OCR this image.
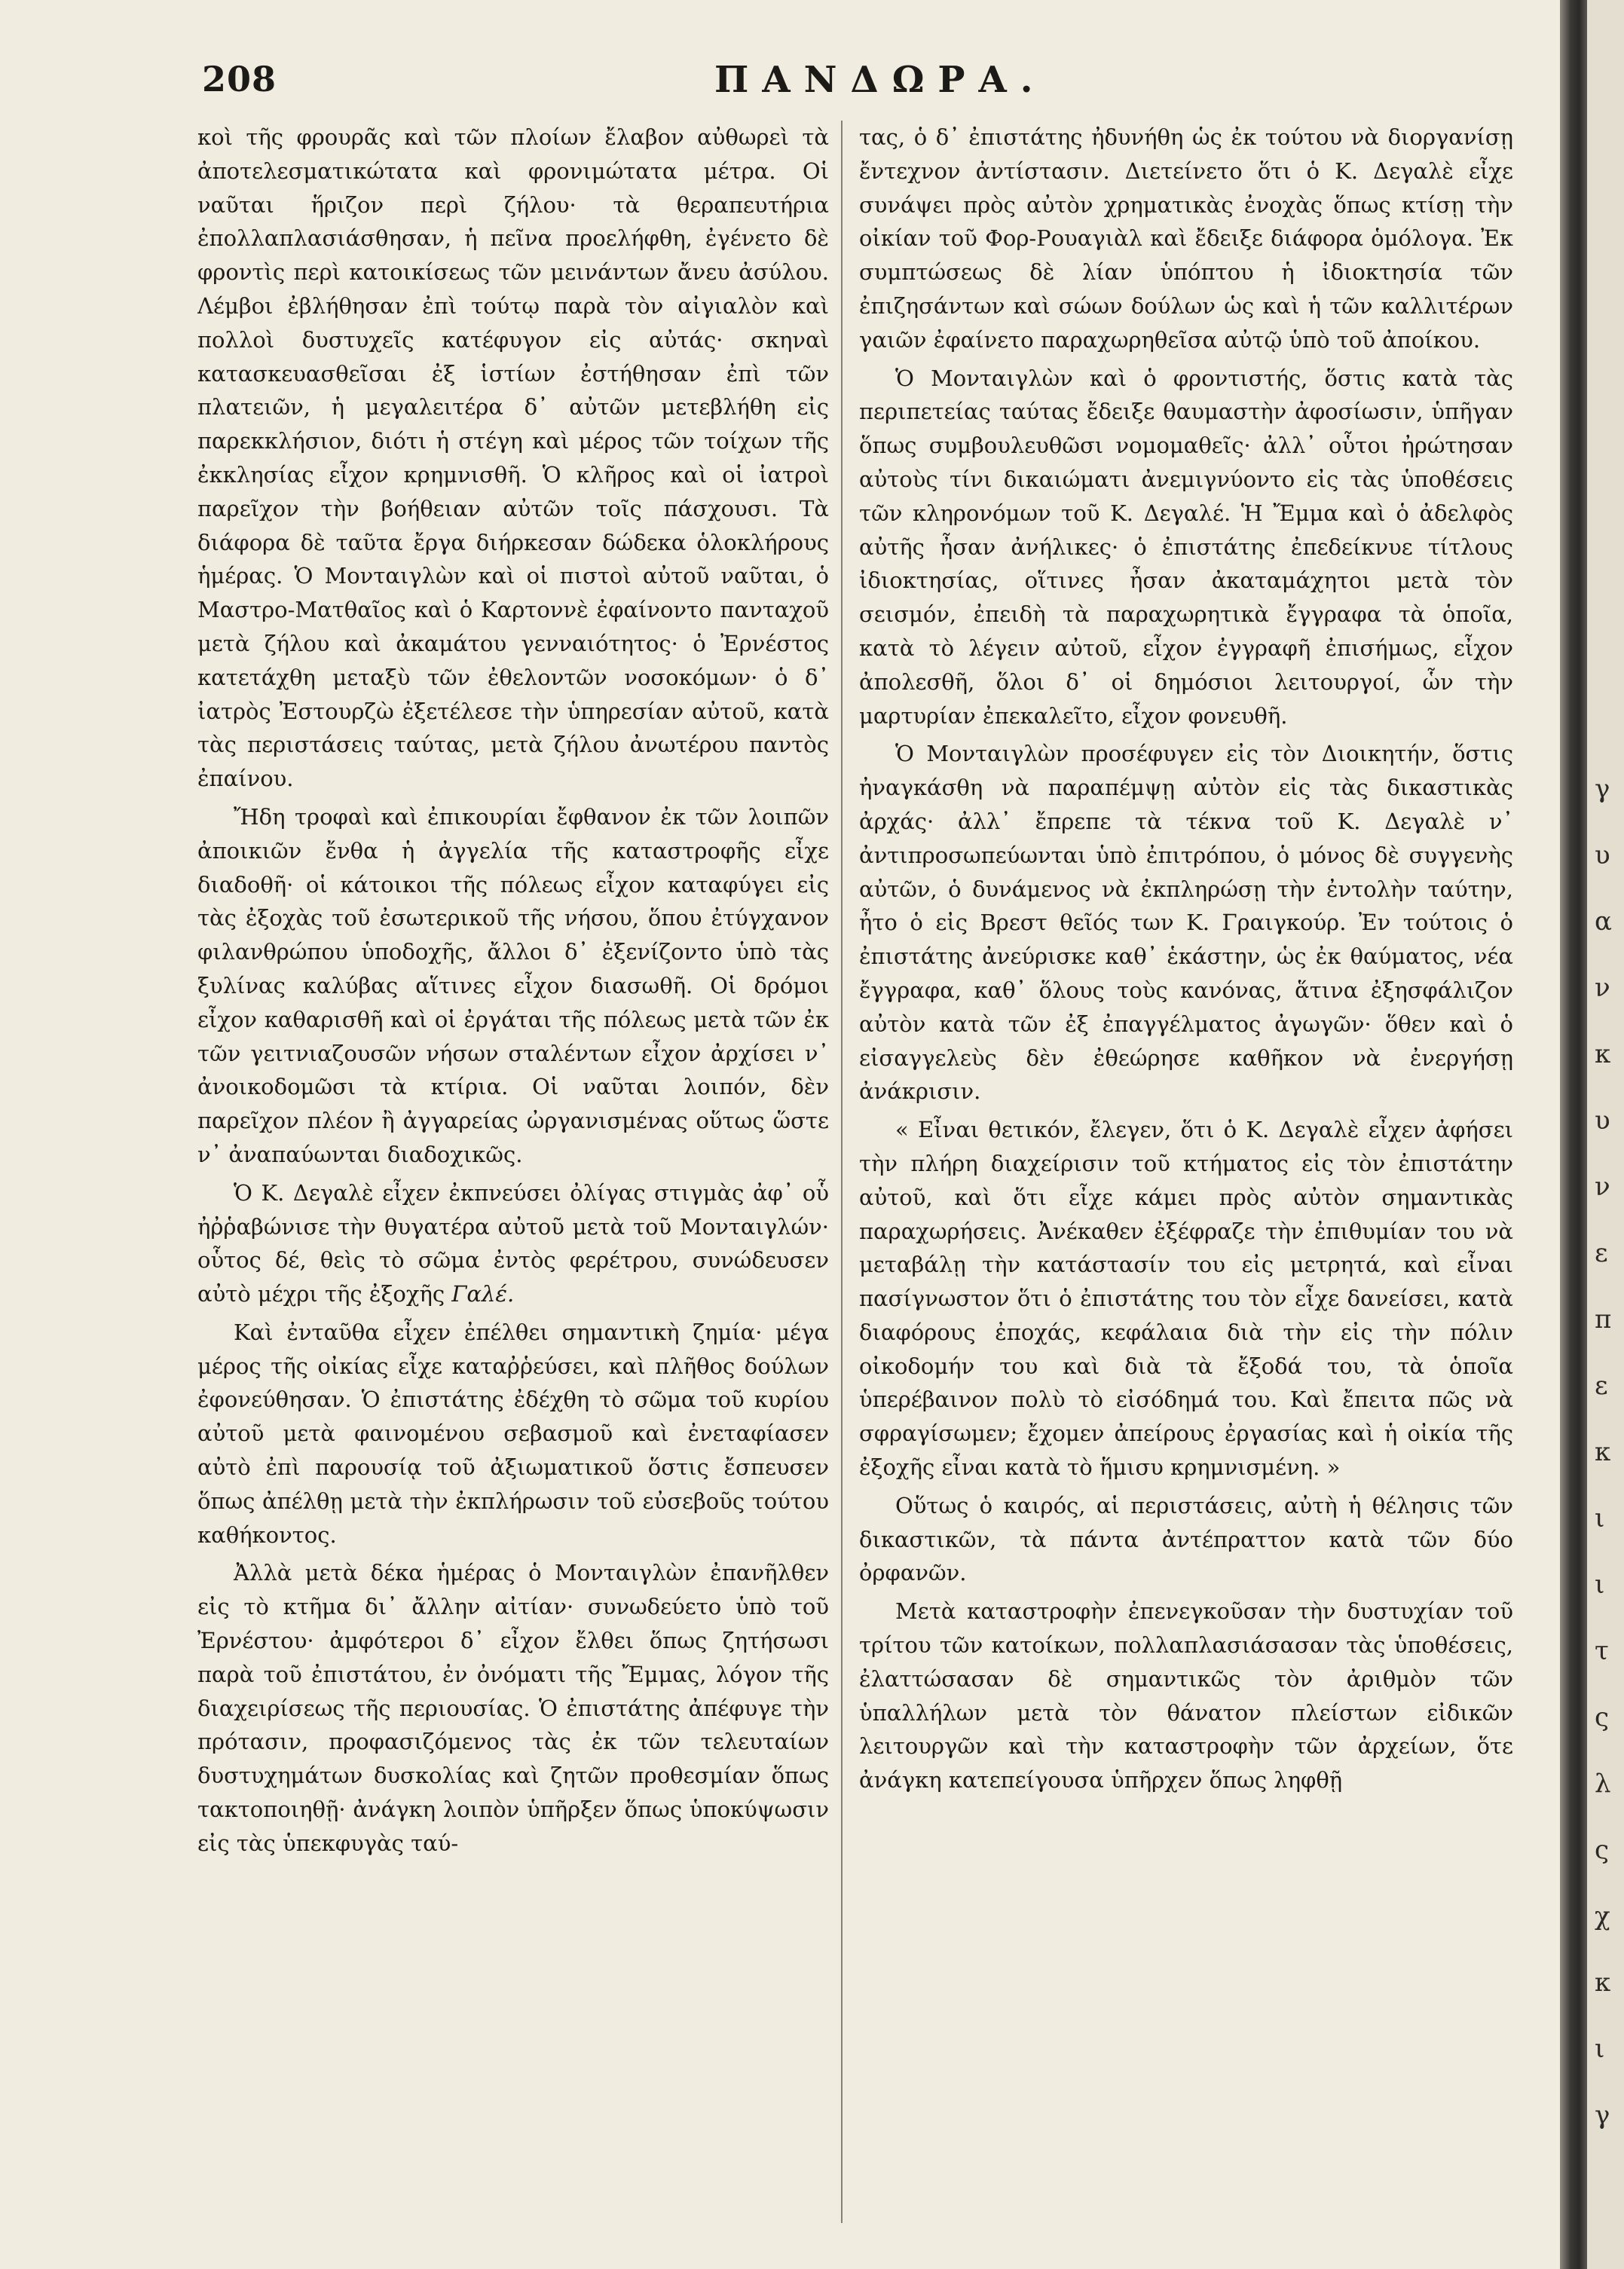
208	ΠΑΝΔΩΡΑ.

κοὶ τῆς φρουρᾶς καὶ τῶν πλοίων ἔλαβον αὐθωρεὶ τὰ ἀποτελεσματικώτατα καὶ φρονιμώτατα μέτρα. Οἱ ναῦται ἥριζον περὶ ζήλου· τὰ θεραπευτήρια ἐπολλαπλασιάσθησαν, ἡ πεῖνα προελήφθη, ἐγένετο δὲ φροντὶς περὶ κατοικίσεως τῶν μεινάντων ἄνευ ἀσύλου. Λέμβοι ἐβλήθησαν ἐπὶ τούτῳ παρὰ τὸν αἰγιαλὸν καὶ πολλοὶ δυστυχεῖς κατέφυγον εἰς αὐτάς· σκηναὶ κατασκευασθεῖσαι ἐξ ἱστίων ἐστήθησαν ἐπὶ τῶν πλατειῶν, ἡ μεγαλειτέρα δ᾽ αὐτῶν μετεβλήθη εἰς παρεκκλήσιον, διότι ἡ στέγη καὶ μέρος τῶν τοίχων τῆς ἐκκλησίας εἶχον κρημνισθῆ. Ὁ κλῆρος καὶ οἱ ἰατροὶ παρεῖχον τὴν βοήθειαν αὐτῶν τοῖς πάσχουσι. Τὰ διάφορα δὲ ταῦτα ἔργα διήρκεσαν δώδεκα ὁλοκλήρους ἡμέρας. Ὁ Μονταιγλὼν καὶ οἱ πιστοὶ αὐτοῦ ναῦται, ὁ Μαστρο-Ματθαῖος καὶ ὁ Καρτοννὲ ἐφαίνοντο πανταχοῦ μετὰ ζήλου καὶ ἀκαμάτου γενναιότητος· ὁ Ἐρνέστος κατετάχθη μεταξὺ τῶν ἐθελοντῶν νοσοκόμων· ὁ δ᾽ ἰατρὸς Ἐστουρζὼ ἐξετέλεσε τὴν ὑπηρεσίαν αὐτοῦ, κατὰ τὰς περιστάσεις ταύτας, μετὰ ζήλου ἀνωτέρου παντὸς ἐπαίνου.

Ἤδη τροφαὶ καὶ ἐπικουρίαι ἔφθανον ἐκ τῶν λοιπῶν ἀποικιῶν ἔνθα ἡ ἀγγελία τῆς καταστροφῆς εἶχε διαδοθῆ· οἱ κάτοικοι τῆς πόλεως εἶχον καταφύγει εἰς τὰς ἐξοχὰς τοῦ ἐσωτερικοῦ τῆς νήσου, ὅπου ἐτύγχανον φιλανθρώπου ὑποδοχῆς, ἄλλοι δ᾽ ἐξενίζοντο ὑπὸ τὰς ξυλίνας καλύβας αἵτινες εἶχον διασωθῆ. Οἱ δρόμοι εἶχον καθαρισθῆ καὶ οἱ ἐργάται τῆς πόλεως μετὰ τῶν ἐκ τῶν γειτνιαζουσῶν νήσων σταλέντων εἶχον ἀρχίσει ν᾽ ἀνοικοδομῶσι τὰ κτίρια. Οἱ ναῦται λοιπόν, δὲν παρεῖχον πλέον ἢ ἀγγαρείας ὠργανισμένας οὕτως ὥστε ν᾽ ἀναπαύωνται διαδοχικῶς.

Ὁ Κ. Δεγαλὲ εἶχεν ἐκπνεύσει ὀλίγας στιγμὰς ἀφ᾽ οὗ ἠῤῥαβώνισε τὴν θυγατέρα αὐτοῦ μετὰ τοῦ Μονταιγλών· οὗτος δέ, θεὶς τὸ σῶμα ἐντὸς φερέτρου, συνώδευσεν αὐτὸ μέχρι τῆς ἐξοχῆς Γαλέ.

Καὶ ἐνταῦθα εἶχεν ἐπέλθει σημαντικὴ ζημία· μέγα μέρος τῆς οἰκίας εἶχε καταῤῥεύσει, καὶ πλῆθος δούλων ἐφονεύθησαν. Ὁ ἐπιστάτης ἐδέχθη τὸ σῶμα τοῦ κυρίου αὐτοῦ μετὰ φαινομένου σεβασμοῦ καὶ ἐνεταφίασεν αὐτὸ ἐπὶ παρουσίᾳ τοῦ ἀξιωματικοῦ ὅστις ἔσπευσεν ὅπως ἀπέλθῃ μετὰ τὴν ἐκπλήρωσιν τοῦ εὐσεβοῦς τούτου καθήκοντος.

Ἀλλὰ μετὰ δέκα ἡμέρας ὁ Μονταιγλὼν ἐπανῆλθεν εἰς τὸ κτῆμα δι᾽ ἄλλην αἰτίαν· συνωδεύετο ὑπὸ τοῦ Ἐρνέστου· ἀμφότεροι δ᾽ εἶχον ἔλθει ὅπως ζητήσωσι παρὰ τοῦ ἐπιστάτου, ἐν ὀνόματι τῆς Ἔμμας, λόγον τῆς διαχειρίσεως τῆς περιουσίας. Ὁ ἐπιστάτης ἀπέφυγε τὴν πρότασιν, προφασιζόμενος τὰς ἐκ τῶν τελευταίων δυστυχημάτων δυσκολίας καὶ ζητῶν προθεσμίαν ὅπως τακτοποιηθῇ· ἀνάγκη λοιπὸν ὑπῆρξεν ὅπως ὑποκύψωσιν εἰς τὰς ὑπεκφυγὰς ταύ-

τας, ὁ δ᾽ ἐπιστάτης ἠδυνήθη ὡς ἐκ τούτου νὰ διοργανίσῃ ἔντεχνον ἀντίστασιν. Διετείνετο ὅτι ὁ Κ. Δεγαλὲ εἶχε συνάψει πρὸς αὐτὸν χρηματικὰς ἐνοχὰς ὅπως κτίσῃ τὴν οἰκίαν τοῦ Φορ-Ρουαγιὰλ καὶ ἔδειξε διάφορα ὁμόλογα. Ἐκ συμπτώσεως δὲ λίαν ὑπόπτου ἡ ἰδιοκτησία τῶν ἐπιζησάντων καὶ σώων δούλων ὡς καὶ ἡ τῶν καλλιτέρων γαιῶν ἐφαίνετο παραχωρηθεῖσα αὐτῷ ὑπὸ τοῦ ἀποίκου.

Ὁ Μονταιγλὼν καὶ ὁ φροντιστής, ὅστις κατὰ τὰς περιπετείας ταύτας ἔδειξε θαυμαστὴν ἀφοσίωσιν, ὑπῆγαν ὅπως συμβουλευθῶσι νομομαθεῖς· ἀλλ᾽ οὗτοι ἠρώτησαν αὐτοὺς τίνι δικαιώματι ἀνεμιγνύοντο εἰς τὰς ὑποθέσεις τῶν κληρονόμων τοῦ Κ. Δεγαλέ. Ἡ Ἔμμα καὶ ὁ ἀδελφὸς αὐτῆς ἦσαν ἀνήλικες· ὁ ἐπιστάτης ἐπεδείκνυε τίτλους ἰδιοκτησίας, οἵτινες ἦσαν ἀκαταμάχητοι μετὰ τὸν σεισμόν, ἐπειδὴ τὰ παραχωρητικὰ ἔγγραφα τὰ ὁποῖα, κατὰ τὸ λέγειν αὐτοῦ, εἶχον ἐγγραφῆ ἐπισήμως, εἶχον ἀπολεσθῆ, ὅλοι δ᾽ οἱ δημόσιοι λειτουργοί, ὧν τὴν μαρτυρίαν ἐπεκαλεῖτο, εἶχον φονευθῆ.

Ὁ Μονταιγλὼν προσέφυγεν εἰς τὸν Διοικητήν, ὅστις ἠναγκάσθη νὰ παραπέμψῃ αὐτὸν εἰς τὰς δικαστικὰς ἀρχάς· ἀλλ᾽ ἔπρεπε τὰ τέκνα τοῦ Κ. Δεγαλὲ ν᾽ ἀντιπροσωπεύωνται ὑπὸ ἐπιτρόπου, ὁ μόνος δὲ συγγενὴς αὐτῶν, ὁ δυνάμενος νὰ ἐκπληρώσῃ τὴν ἐντολὴν ταύτην, ἦτο ὁ εἰς Βρεστ θεῖός των Κ. Γραιγκούρ. Ἐν τούτοις ὁ ἐπιστάτης ἀνεύρισκε καθ᾽ ἑκάστην, ὡς ἐκ θαύματος, νέα ἔγγραφα, καθ᾽ ὅλους τοὺς κανόνας, ἅτινα ἐξησφάλιζον αὐτὸν κατὰ τῶν ἐξ ἐπαγγέλματος ἀγωγῶν· ὅθεν καὶ ὁ εἰσαγγελεὺς δὲν ἐθεώρησε καθῆκον νὰ ἐνεργήσῃ ἀνάκρισιν.

« Εἶναι θετικόν, ἔλεγεν, ὅτι ὁ Κ. Δεγαλὲ εἶχεν ἀφήσει τὴν πλήρη διαχείρισιν τοῦ κτήματος εἰς τὸν ἐπιστάτην αὐτοῦ, καὶ ὅτι εἶχε κάμει πρὸς αὐτὸν σημαντικὰς παραχωρήσεις. Ἀνέκαθεν ἐξέφραζε τὴν ἐπιθυμίαν του νὰ μεταβάλῃ τὴν κατάστασίν του εἰς μετρητά, καὶ εἶναι πασίγνωστον ὅτι ὁ ἐπιστάτης του τὸν εἶχε δανείσει, κατὰ διαφόρους ἐποχάς, κεφάλαια διὰ τὴν εἰς τὴν πόλιν οἰκοδομήν του καὶ διὰ τὰ ἔξοδά του, τὰ ὁποῖα ὑπερέβαινον πολὺ τὸ εἰσόδημά του. Καὶ ἔπειτα πῶς νὰ σφραγίσωμεν; ἔχομεν ἀπείρους ἐργασίας καὶ ἡ οἰκία τῆς ἐξοχῆς εἶναι κατὰ τὸ ἥμισυ κρημνισμένη. »

Οὕτως ὁ καιρός, αἱ περιστάσεις, αὐτὴ ἡ θέλησις τῶν δικαστικῶν, τὰ πάντα ἀντέπραττον κατὰ τῶν δύο ὀρφανῶν.

Μετὰ καταστροφὴν ἐπενεγκοῦσαν τὴν δυστυχίαν τοῦ τρίτου τῶν κατοίκων, πολλαπλασιάσασαν τὰς ὑποθέσεις, ἐλαττώσασαν δὲ σημαντικῶς τὸν ἀριθμὸν τῶν ὑπαλλήλων μετὰ τὸν θάνατον πλείστων εἰδικῶν λειτουργῶν καὶ τὴν καταστροφὴν τῶν ἀρχείων, ὅτε ἀνάγκη κατεπείγουσα ὑπῆρχεν ὅπως ληφθῇ

γ
υ
α
ν
κ
υ
ν
ε
π
ε
κ
ι
ι
τ
ς
λ
ς
χ
κ
ι
γ
